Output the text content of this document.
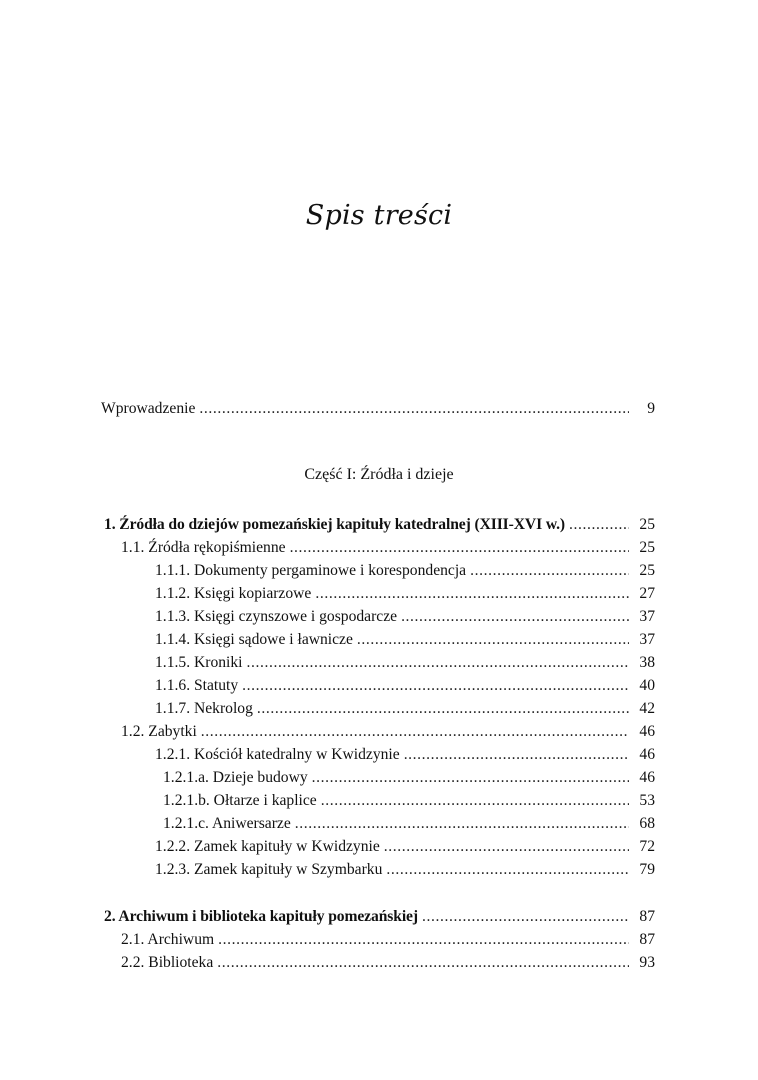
Spis treści
Wprowadzenie .....	9
Część I: Źródła i dzieje
1. Źródła do dziejów pomezańskiej kapituły katedralnej (XIII-XVI w.) .....	25
1.1. Źródła rękopiśmienne .....	25
1.1.1. Dokumenty pergaminowe i korespondencja .....	25
1.1.2. Księgi kopiarzowe .....	27
1.1.3. Księgi czynszowe i gospodarcze .....	37
1.1.4. Księgi sądowe i ławnicze .....	37
1.1.5. Kroniki .....	38
1.1.6. Statuty .....	40
1.1.7. Nekrolog .....	42
1.2. Zabytki .....	46
1.2.1. Kościół katedralny w Kwidzynie .....	46
1.2.1.a. Dzieje budowy .....	46
1.2.1.b. Ołtarze i kaplice .....	53
1.2.1.c. Aniwersarze .....	68
1.2.2. Zamek kapituły w Kwidzynie .....	72
1.2.3. Zamek kapituły w Szymbarku .....	79
2. Archiwum i biblioteka kapituły pomezańskiej .....	87
2.1. Archiwum .....	87
2.2. Biblioteka .....	93
